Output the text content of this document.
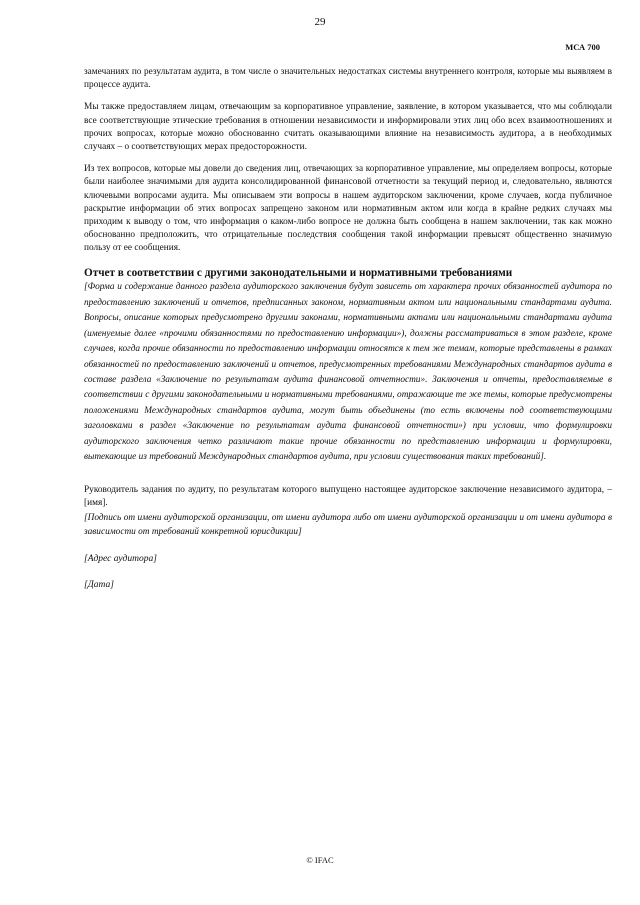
29
МСА 700

замечаниях по результатам аудита, в том числе о значительных недостатках системы внутреннего контроля, которые мы выявляем в процессе аудита.

Мы также предоставляем лицам, отвечающим за корпоративное управление, заявление, в котором указывается, что мы соблюдали все соответствующие этические требования в отношении независимости и информировали этих лиц обо всех взаимоотношениях и прочих вопросах, которые можно обоснованно считать оказывающими влияние на независимость аудитора, а в необходимых случаях – о соответствующих мерах предосторожности.

Из тех вопросов, которые мы довели до сведения лиц, отвечающих за корпоративное управление, мы определяем вопросы, которые были наиболее значимыми для аудита консолидированной финансовой отчетности за текущий период и, следовательно, являются ключевыми вопросами аудита. Мы описываем эти вопросы в нашем аудиторском заключении, кроме случаев, когда публичное раскрытие информации об этих вопросах запрещено законом или нормативным актом или когда в крайне редких случаях мы приходим к выводу о том, что информация о каком-либо вопросе не должна быть сообщена в нашем заключении, так как можно обоснованно предположить, что отрицательные последствия сообщения такой информации превысят общественно значимую пользу от ее сообщения.

Отчет в соответствии с другими законодательными и нормативными требованиями

[Форма и содержание данного раздела аудиторского заключения будут зависеть от характера прочих обязанностей аудитора по предоставлению заключений и отчетов, предписанных законом, нормативным актом или национальными стандартами аудита. Вопросы, описание которых предусмотрено другими законами, нормативными актами или национальными стандартами аудита (именуемые далее «прочими обязанностями по предоставлению информации»), должны рассматриваться в этом разделе, кроме случаев, когда прочие обязанности по предоставлению информации относятся к тем же темам, которые представлены в рамках обязанностей по предоставлению заключений и отчетов, предусмотренных требованиями Международных стандартов аудита в составе раздела «Заключение по результатам аудита финансовой отчетности». Заключения и отчеты, предоставляемые в соответствии с другими законодательными и нормативными требованиями, отражающие те же темы, которые предусмотрены положениями Международных стандартов аудита, могут быть объединены (то есть включены под соответствующими заголовками в раздел «Заключение по результатам аудита финансовой отчетности») при условии, что формулировки аудиторского заключения четко различают такие прочие обязанности по представлению информации и формулировки, вытекающие из требований Международных стандартов аудита, при условии существования таких требований].

Руководитель задания по аудиту, по результатам которого выпущено настоящее аудиторское заключение независимого аудитора, – [имя].

[Подпись от имени аудиторской организации, от имени аудитора либо от имени аудиторской организации и от имени аудитора в зависимости от требований конкретной юрисдикции]

[Адрес аудитора]
[Дата]
© IFAC
